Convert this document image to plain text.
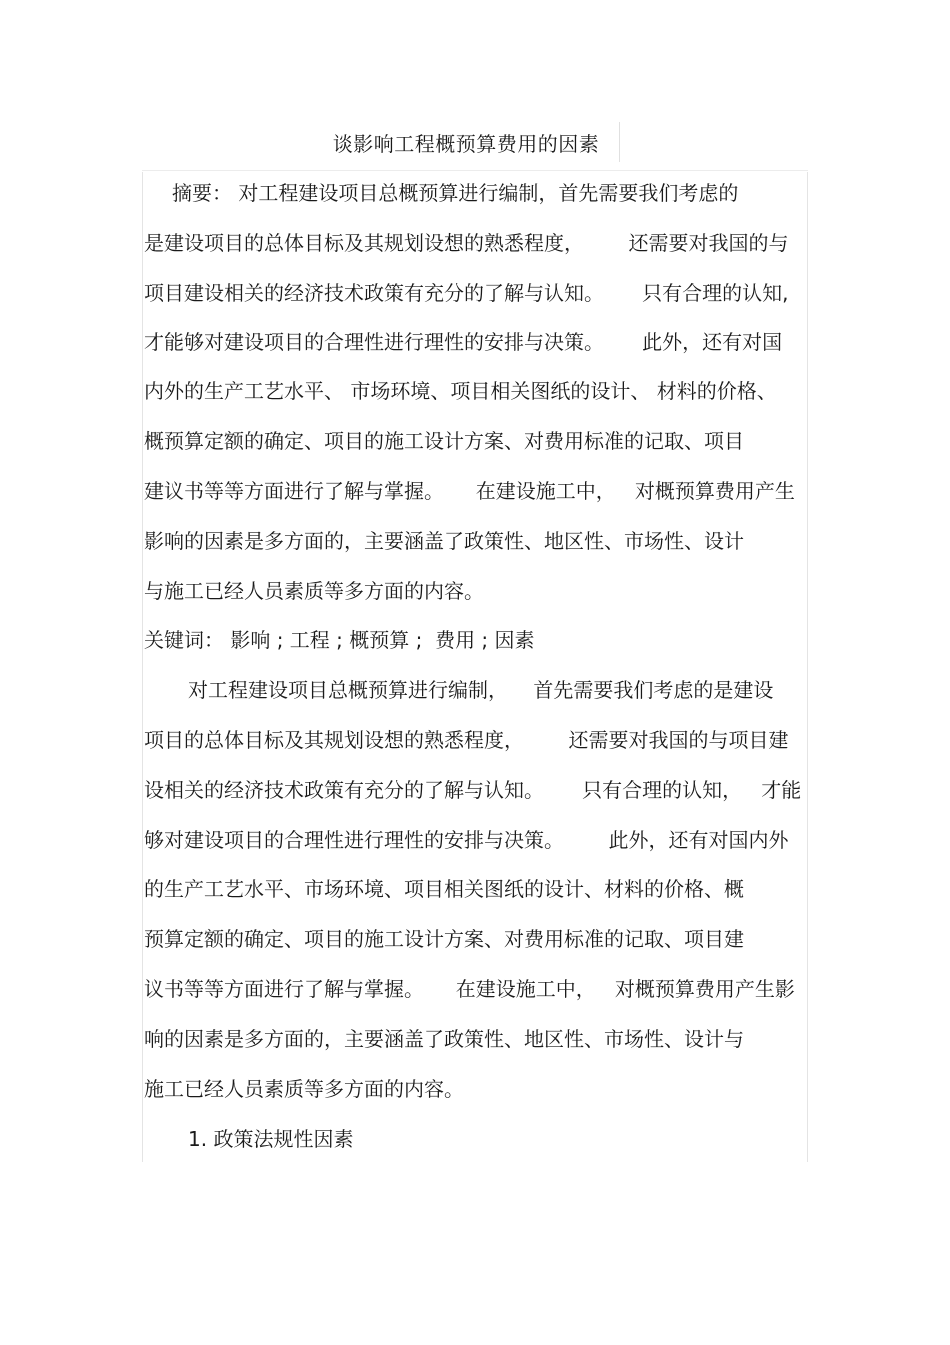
谈影响工程概预算费用的因素
摘要： 对工程建设项目总概预算进行编制，首先需要我们考虑的
是建设项目的总体目标及其规划设想的熟悉程度，       还需要对我国的与
项目建设相关的经济技术政策有充分的了解与认知。      只有合理的认知,
才能够对建设项目的合理性进行理性的安排与决策。      此外，还有对国
内外的生产工艺水平、 市场环境、项目相关图纸的设计、 材料的价格、
概预算定额的确定、项目的施工设计方案、对费用标准的记取、项目
建议书等等方面进行了解与掌握。     在建设施工中，   对概预算费用产生
影响的因素是多方面的，主要涵盖了政策性、地区性、市场性、设计
与施工已经人员素质等多方面的内容。
关键词： 影响 ; 工程 ; 概预算 ;  费用 ; 因素
对工程建设项目总概预算进行编制，    首先需要我们考虑的是建设
项目的总体目标及其规划设想的熟悉程度，       还需要对我国的与项目建
设相关的经济技术政策有充分的了解与认知。      只有合理的认知，   才能
够对建设项目的合理性进行理性的安排与决策。       此外，还有对国内外
的生产工艺水平、市场环境、项目相关图纸的设计、材料的价格、概
预算定额的确定、项目的施工设计方案、对费用标准的记取、项目建
议书等等方面进行了解与掌握。     在建设施工中，   对概预算费用产生影
响的因素是多方面的，主要涵盖了政策性、地区性、市场性、设计与
施工已经人员素质等多方面的内容。
1. 政策法规性因素
